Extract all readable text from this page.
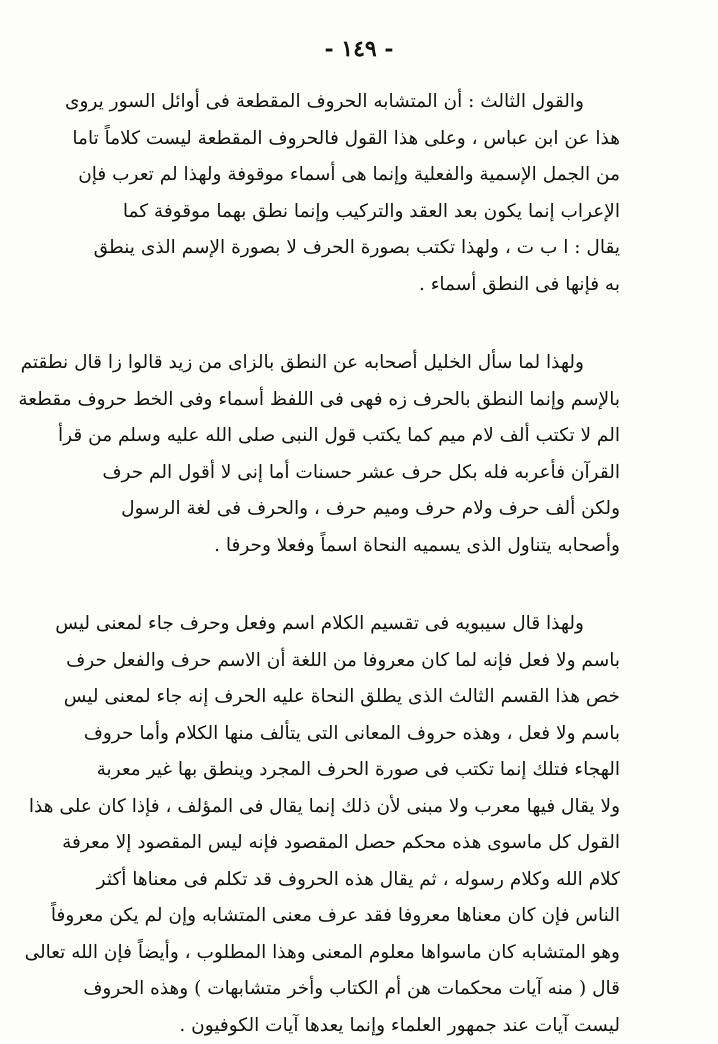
- ١٤٩ -
والقول الثالث : أن المتشابه الحروف المقطعة فى أوائل السور يروى
هذا عن ابن عباس ، وعلى هذا القول فالحروف المقطعة ليست كلاماً تاما
من الجمل الإسمية والفعلية وإنما هى أسماء موقوفة ولهذا لم تعرب فإن
الإعراب إنما يكون بعد العقد والتركيب وإنما نطق بهما موقوفة كما
يقال : ا ب ت ، ولهذا تكتب بصورة الحرف لا بصورة الإسم الذى ينطق
به فإنها فى النطق أسماء .
ولهذا لما سأل الخليل أصحابه عن النطق بالزاى من زيد قالوا زا قال نطقتم
بالإسم وإنما النطق بالحرف زه فهى فى اللفظ أسماء وفى الخط حروف مقطعة
الم لا تكتب ألف لام ميم كما يكتب قول النبى صلى الله عليه وسلم من قرأ
القرآن فأعربه فله بكل حرف عشر حسنات أما إنى لا أقول الم حرف
ولكن ألف حرف ولام حرف وميم حرف ، والحرف فى لغة الرسول
وأصحابه يتناول الذى يسميه النحاة اسماً وفعلا وحرفا .
ولهذا قال سيبويه فى تقسيم الكلام اسم وفعل وحرف جاء لمعنى ليس
باسم ولا فعل فإنه لما كان معروفا من اللغة أن الاسم حرف والفعل حرف
خص هذا القسم الثالث الذى يطلق النحاة عليه الحرف إنه جاء لمعنى ليس
باسم ولا فعل ، وهذه حروف المعانى التى يتألف منها الكلام وأما حروف
الهجاء فتلك إنما تكتب فى صورة الحرف المجرد وينطق بها غير معربة
ولا يقال فيها معرب ولا مبنى لأن ذلك إنما يقال فى المؤلف ، فإذا كان على هذا
القول كل ماسوى هذه محكم حصل المقصود فإنه ليس المقصود إلا معرفة
كلام الله وكلام رسوله ، ثم يقال هذه الحروف قد تكلم فى معناها أكثر
الناس فإن كان معناها معروفا فقد عرف معنى المتشابه وإن لم يكن معروفاً
وهو المتشابه كان ماسواها معلوم المعنى وهذا المطلوب ، وأيضاً فإن الله تعالى
قال ( منه آيات محكمات هن أم الكتاب وأخر متشابهات ) وهذه الحروف
ليست آيات عند جمهور العلماء وإنما يعدها آيات الكوفيون .
